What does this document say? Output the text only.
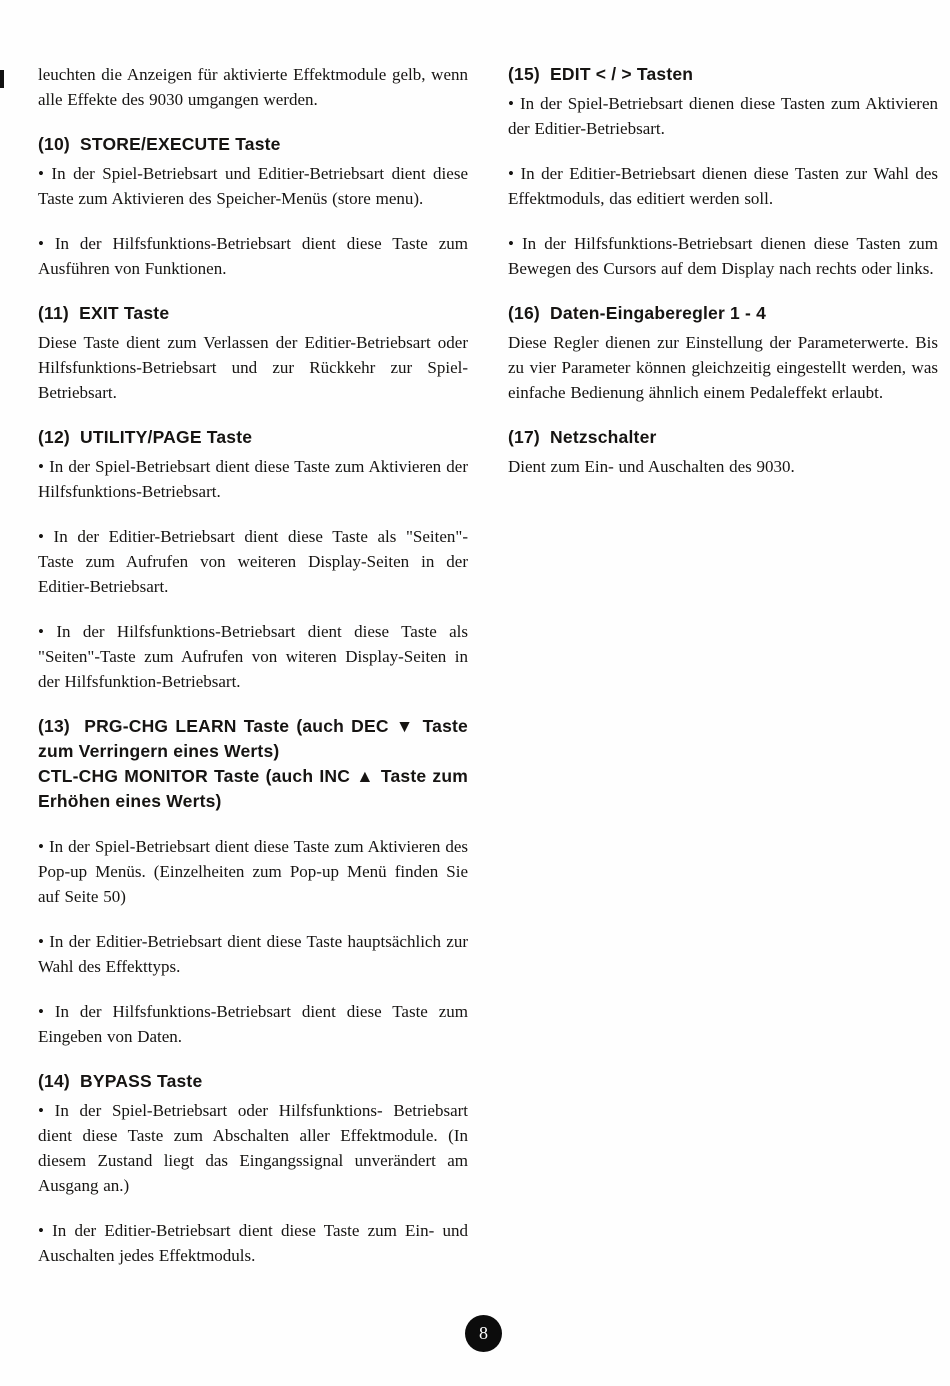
leuchten die Anzeigen für aktivierte Effektmodule gelb, wenn alle Effekte des 9030 umgangen werden.
(10)  STORE/EXECUTE Taste
• In der Spiel-Betriebsart und Editier-Betriebsart dient diese Taste zum Aktivieren des Speicher-Menüs (store menu).
• In der Hilfsfunktions-Betriebsart dient diese Taste zum Ausführen von Funktionen.
(11)  EXIT Taste
Diese Taste dient zum Verlassen der Editier-Betriebsart oder Hilfsfunktions-Betriebsart und zur Rückkehr zur Spiel-Betriebsart.
(12)  UTILITY/PAGE Taste
• In der Spiel-Betriebsart dient diese Taste zum Aktivieren der Hilfsfunktions-Betriebsart.
• In der Editier-Betriebsart dient diese Taste als "Seiten"- Taste zum Aufrufen von weiteren Display-Seiten in der Editier-Betriebsart.
• In der Hilfsfunktions-Betriebsart dient diese Taste als "Seiten"-Taste zum Aufrufen von witeren Display-Seiten in der Hilfsfunktion-Betriebsart.
(13)  PRG-CHG LEARN Taste (auch DEC ▼ Taste zum Verringern eines Werts)
CTL-CHG MONITOR Taste (auch INC ▲ Taste zum Erhöhen eines Werts)
• In der Spiel-Betriebsart dient diese Taste zum Aktivieren des Pop-up Menüs. (Einzelheiten zum Pop-up Menü finden Sie auf Seite 50)
• In der Editier-Betriebsart dient diese Taste hauptsächlich zur Wahl des Effekttyps.
• In der Hilfsfunktions-Betriebsart dient diese Taste zum Eingeben von Daten.
(14)  BYPASS Taste
• In der Spiel-Betriebsart oder Hilfsfunktions- Betriebsart dient diese Taste zum Abschalten aller Effektmodule. (In diesem Zustand liegt das Eingangssignal unverändert am Ausgang an.)
• In der Editier-Betriebsart dient diese Taste zum Ein- und Auschalten jedes Effektmoduls.
(15)  EDIT < / > Tasten
• In der Spiel-Betriebsart dienen diese Tasten zum Aktivieren der Editier-Betriebsart.
• In der Editier-Betriebsart dienen diese Tasten zur Wahl des Effektmoduls, das editiert werden soll.
• In der Hilfsfunktions-Betriebsart dienen diese Tasten zum Bewegen des Cursors auf dem Display nach rechts oder links.
(16)  Daten-Eingaberegler 1 - 4
Diese Regler dienen zur Einstellung der Parameterwerte. Bis zu vier Parameter können gleichzeitig eingestellt werden, was einfache Bedienung ähnlich einem Pedaleffekt erlaubt.
(17)  Netzschalter
Dient zum Ein- und Auschalten des 9030.
8
